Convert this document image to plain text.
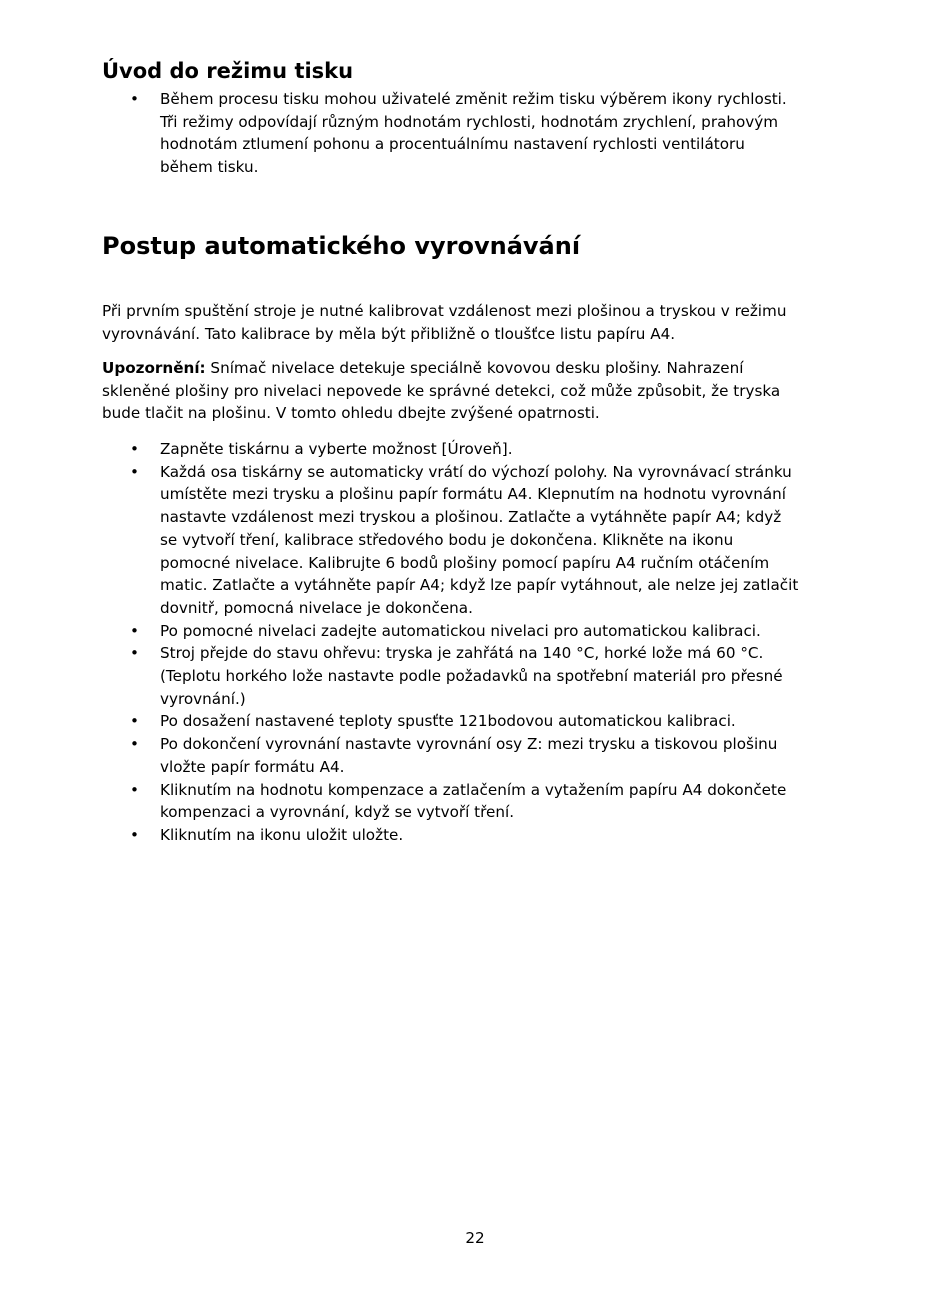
Úvod do režimu tisku
• Během procesu tisku mohou uživatelé změnit režim tisku výběrem ikony rychlosti.
Tři režimy odpovídají různým hodnotám rychlosti, hodnotám zrychlení, prahovým
hodnotám ztlumení pohonu a procentuálnímu nastavení rychlosti ventilátoru
během tisku.
Postup automatického vyrovnávání

Při prvním spuštění stroje je nutné kalibrovat vzdálenost mezi plošinou a tryskou v režimu
vyrovnávání. Tato kalibrace by měla být přibližně o tloušťce listu papíru A4.

Upozornění: Snímač nivelace detekuje speciálně kovovou desku plošiny. Nahrazení
skleněné plošiny pro nivelaci nepovede ke správné detekci, což může způsobit, že tryska
bude tlačit na plošinu. V tomto ohledu dbejte zvýšené opatrnosti.

• Zapněte tiskárnu a vyberte možnost [Úroveň].
• Každá osa tiskárny se automaticky vrátí do výchozí polohy. Na vyrovnávací stránku
umístěte mezi trysku a plošinu papír formátu A4. Klepnutím na hodnotu vyrovnání
nastavte vzdálenost mezi tryskou a plošinou. Zatlačte a vytáhněte papír A4; když
se vytvoří tření, kalibrace středového bodu je dokončena. Klikněte na ikonu
pomocné nivelace. Kalibrujte 6 bodů plošiny pomocí papíru A4 ručním otáčením
matic. Zatlačte a vytáhněte papír A4; když lze papír vytáhnout, ale nelze jej zatlačit
dovnitř, pomocná nivelace je dokončena.
• Po pomocné nivelaci zadejte automatickou nivelaci pro automatickou kalibraci.
• Stroj přejde do stavu ohřevu: tryska je zahřátá na 140 °C, horké lože má 60 °C.
(Teplotu horkého lože nastavte podle požadavků na spotřební materiál pro přesné
vyrovnání.)
• Po dosažení nastavené teploty spusťte 121bodovou automatickou kalibraci.
• Po dokončení vyrovnání nastavte vyrovnání osy Z: mezi trysku a tiskovou plošinu
vložte papír formátu A4.
• Kliknutím na hodnotu kompenzace a zatlačením a vytažením papíru A4 dokončete
kompenzaci a vyrovnání, když se vytvoří tření.
• Kliknutím na ikonu uložit uložte.
22
